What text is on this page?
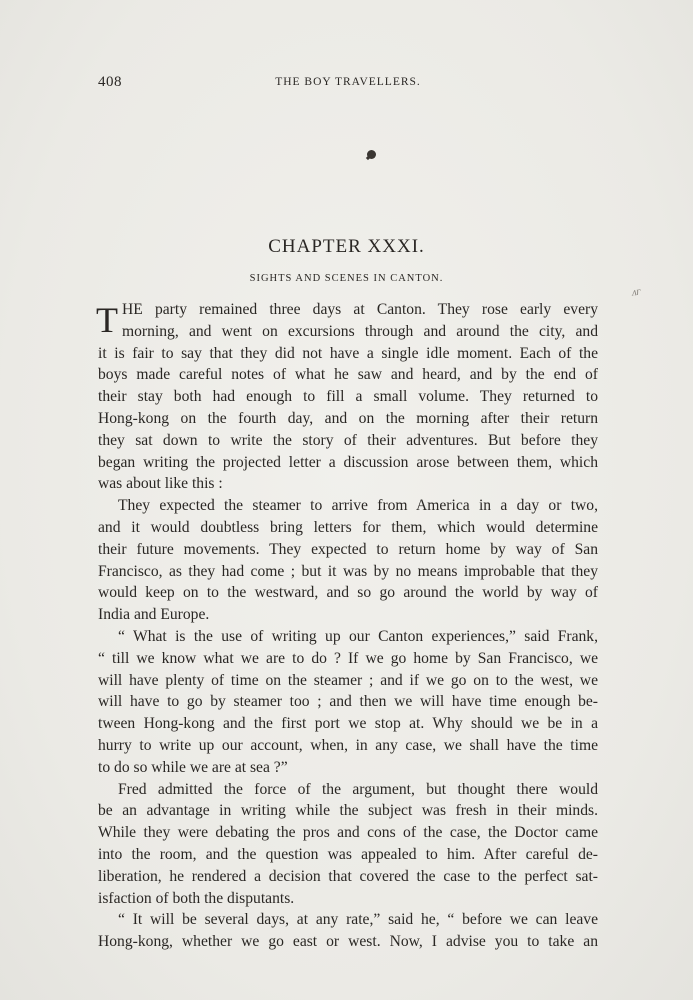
408	THE BOY TRAVELLERS.
ᴧᴦ
CHAPTER XXXI.
SIGHTS AND SCENES IN CANTON.
T HE party remained three days at Canton. They rose early every
morning, and went on excursions through and around the city, and
it is fair to say that they did not have a single idle moment. Each of the
boys made careful notes of what he saw and heard, and by the end of
their stay both had enough to fill a small volume. They returned to
Hong-kong on the fourth day, and on the morning after their return
they sat down to write the story of their adventures. But before they
began writing the projected letter a discussion arose between them, which
was about like this :
They expected the steamer to arrive from America in a day or two,
and it would doubtless bring letters for them, which would determine
their future movements. They expected to return home by way of San
Francisco, as they had come ; but it was by no means improbable that they
would keep on to the westward, and so go around the world by way of
India and Europe.
“ What is the use of writing up our Canton experiences,” said Frank,
“ till we know what we are to do ? If we go home by San Francisco, we
will have plenty of time on the steamer ; and if we go on to the west, we
will have to go by steamer too ; and then we will have time enough be-
tween Hong-kong and the first port we stop at. Why should we be in a
hurry to write up our account, when, in any case, we shall have the time
to do so while we are at sea ?”
Fred admitted the force of the argument, but thought there would
be an advantage in writing while the subject was fresh in their minds.
While they were debating the pros and cons of the case, the Doctor came
into the room, and the question was appealed to him. After careful de-
liberation, he rendered a decision that covered the case to the perfect sat-
isfaction of both the disputants.
“ It will be several days, at any rate,” said he, “ before we can leave
Hong-kong, whether we go east or west. Now, I advise you to take an
